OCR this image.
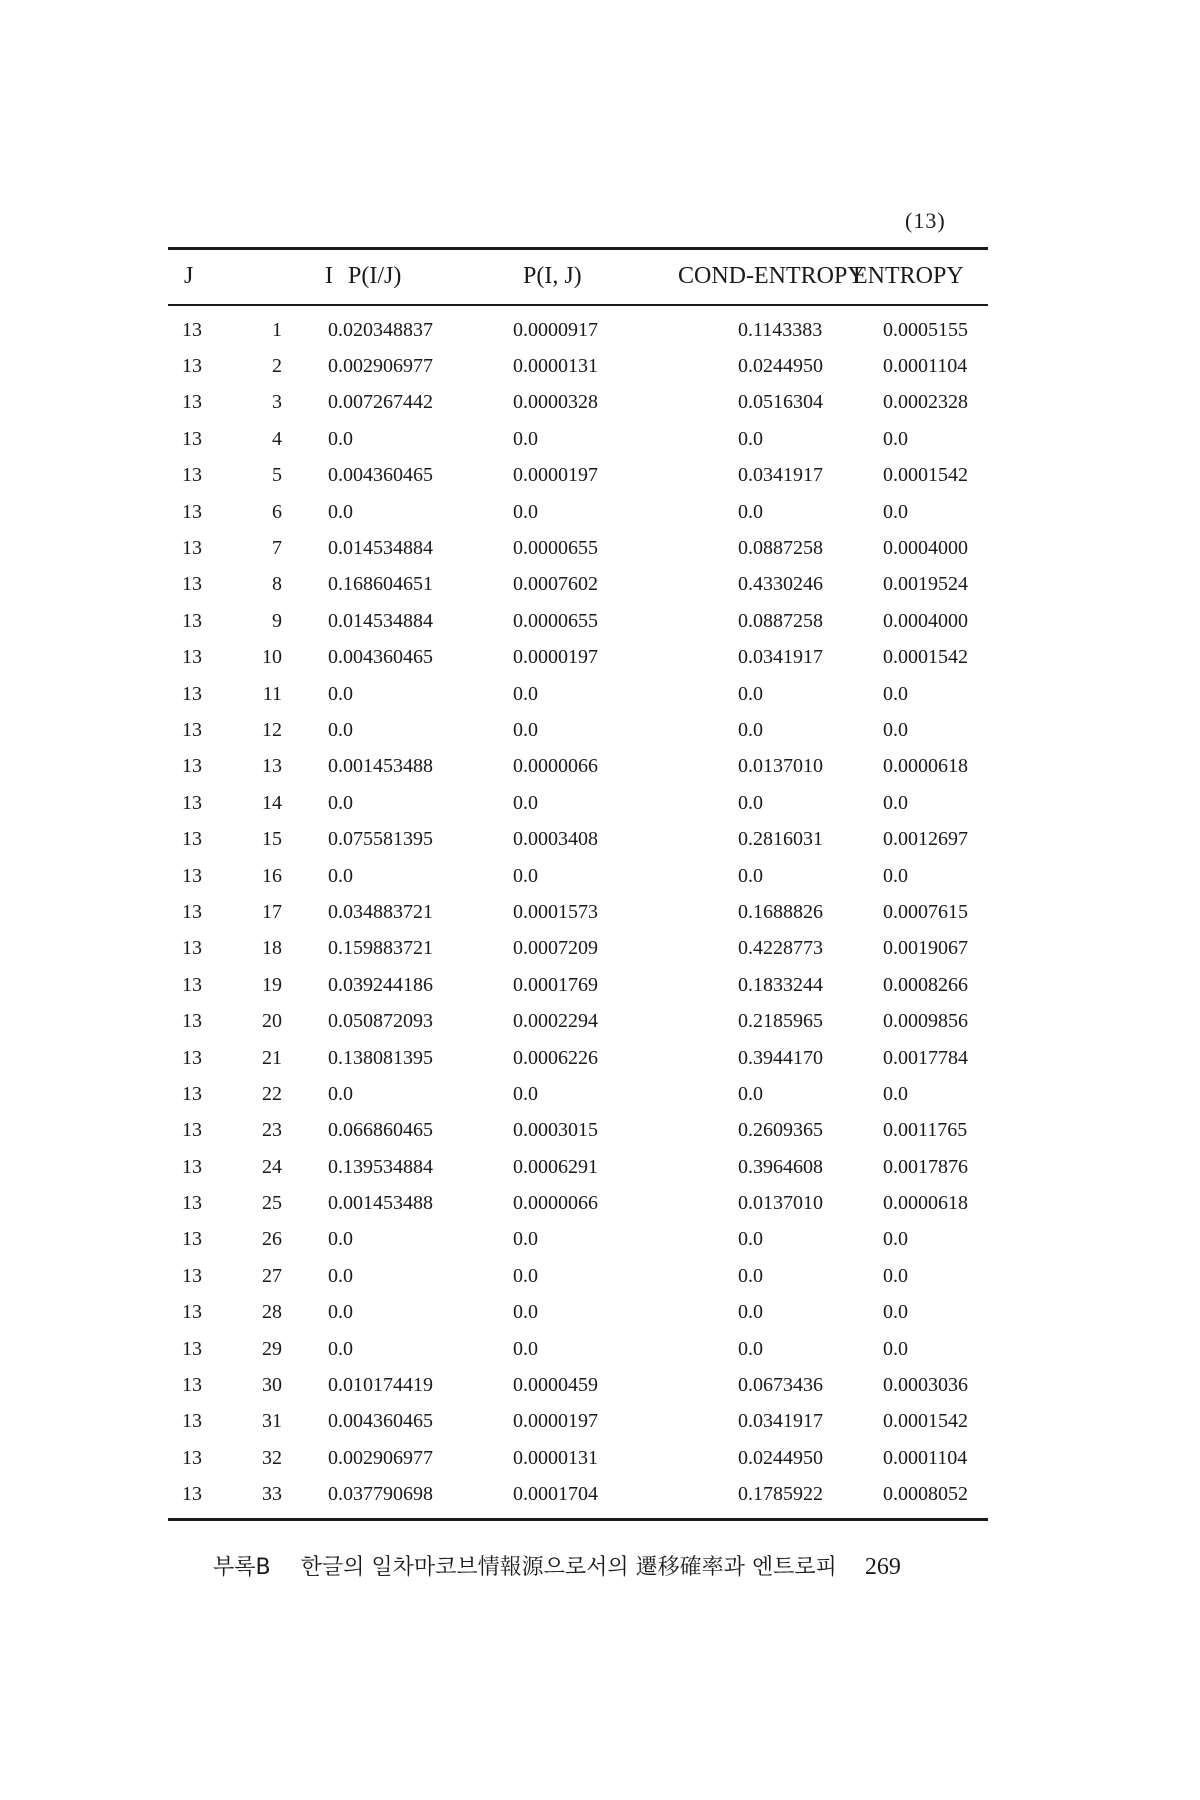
(13)
J	I	P(I/J)	P(I, J)	COND-ENTROPY	ENTROPY
13	1	0.020348837	0.0000917	0.1143383	0.0005155
13	2	0.002906977	0.0000131	0.0244950	0.0001104
13	3	0.007267442	0.0000328	0.0516304	0.0002328
13	4	0.0	0.0	0.0	0.0
13	5	0.004360465	0.0000197	0.0341917	0.0001542
13	6	0.0	0.0	0.0	0.0
13	7	0.014534884	0.0000655	0.0887258	0.0004000
13	8	0.168604651	0.0007602	0.4330246	0.0019524
13	9	0.014534884	0.0000655	0.0887258	0.0004000
13	10	0.004360465	0.0000197	0.0341917	0.0001542
13	11	0.0	0.0	0.0	0.0
13	12	0.0	0.0	0.0	0.0
13	13	0.001453488	0.0000066	0.0137010	0.0000618
13	14	0.0	0.0	0.0	0.0
13	15	0.075581395	0.0003408	0.2816031	0.0012697
13	16	0.0	0.0	0.0	0.0
13	17	0.034883721	0.0001573	0.1688826	0.0007615
13	18	0.159883721	0.0007209	0.4228773	0.0019067
13	19	0.039244186	0.0001769	0.1833244	0.0008266
13	20	0.050872093	0.0002294	0.2185965	0.0009856
13	21	0.138081395	0.0006226	0.3944170	0.0017784
13	22	0.0	0.0	0.0	0.0
13	23	0.066860465	0.0003015	0.2609365	0.0011765
13	24	0.139534884	0.0006291	0.3964608	0.0017876
13	25	0.001453488	0.0000066	0.0137010	0.0000618
13	26	0.0	0.0	0.0	0.0
13	27	0.0	0.0	0.0	0.0
13	28	0.0	0.0	0.0	0.0
13	29	0.0	0.0	0.0	0.0
13	30	0.010174419	0.0000459	0.0673436	0.0003036
13	31	0.004360465	0.0000197	0.0341917	0.0001542
13	32	0.002906977	0.0000131	0.0244950	0.0001104
13	33	0.037790698	0.0001704	0.1785922	0.0008052
부록B 한글의 일차마코브情報源으로서의 遷移確率과 엔트로피 269
